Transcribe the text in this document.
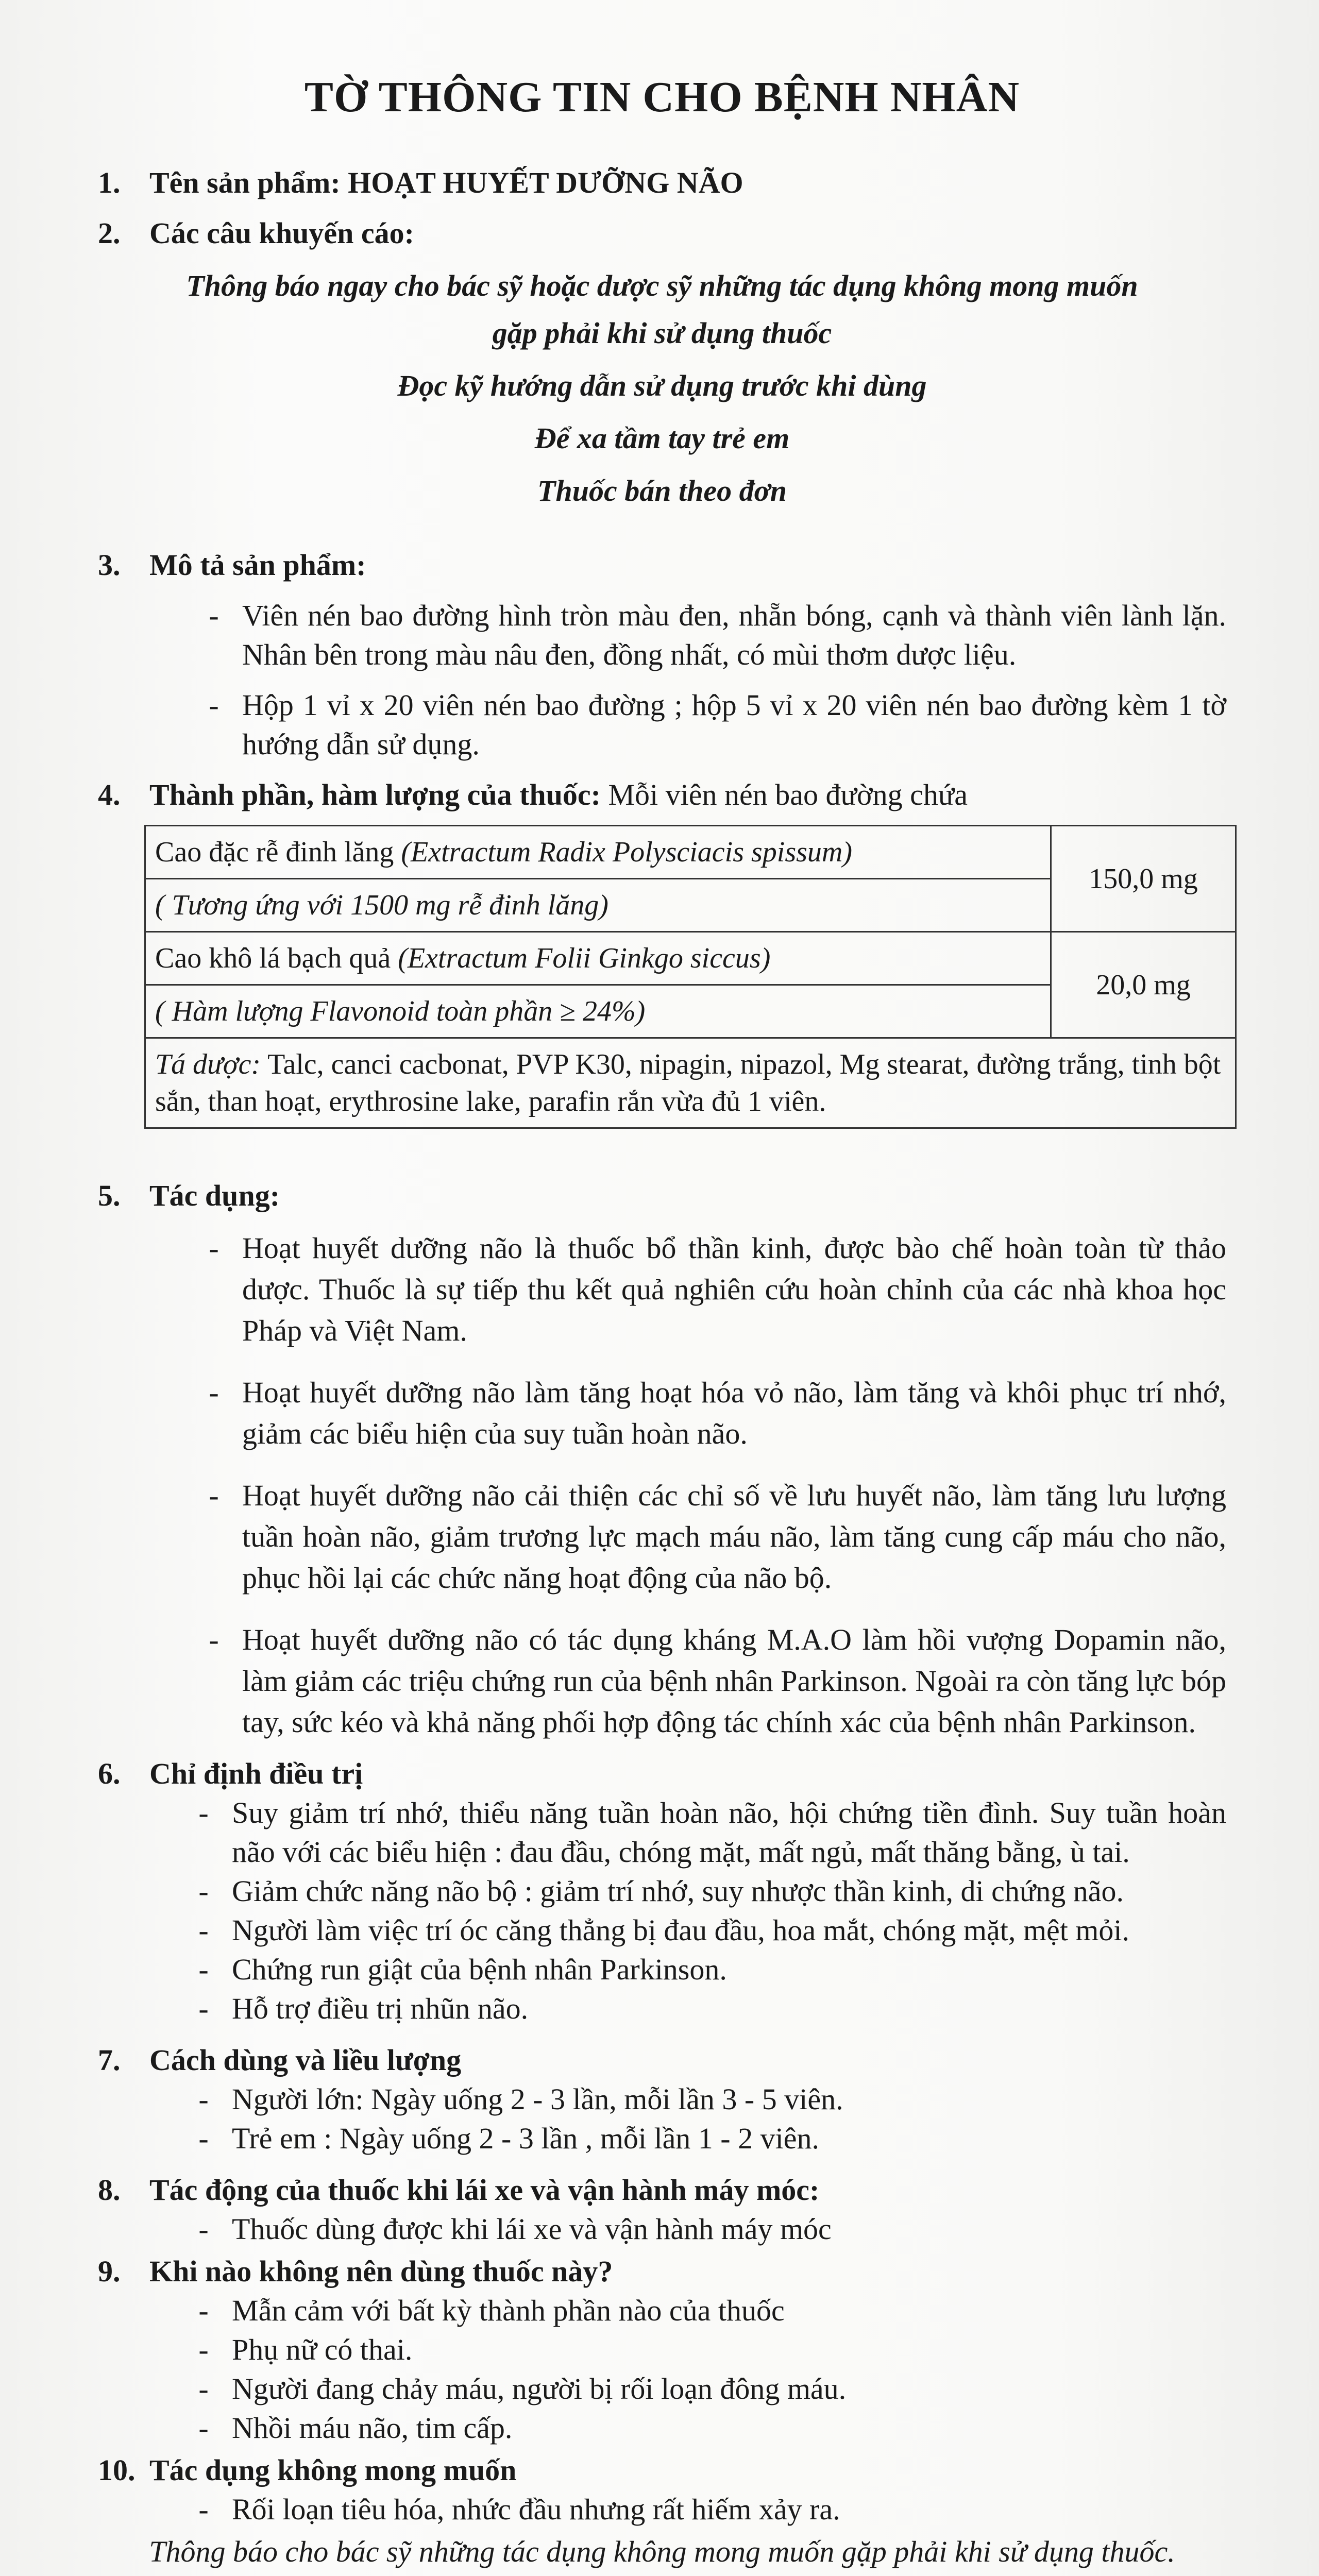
TỜ THÔNG TIN CHO BỆNH NHÂN
1. Tên sản phẩm: HOẠT HUYẾT DƯỠNG NÃO
2. Các câu khuyến cáo:
Thông báo ngay cho bác sỹ hoặc dược sỹ những tác dụng không mong muốn
gặp phải khi sử dụng thuốc
Đọc kỹ hướng dẫn sử dụng trước khi dùng
Để xa tầm tay trẻ em
Thuốc bán theo đơn
3. Mô tả sản phẩm:
- Viên nén bao đường hình tròn màu đen, nhẵn bóng, cạnh và thành viên lành lặn. Nhân bên trong màu nâu đen, đồng nhất, có mùi thơm dược liệu.
- Hộp 1 vỉ x 20 viên nén bao đường ; hộp 5 vỉ x 20 viên nén bao đường kèm 1 tờ hướng dẫn sử dụng.
4. Thành phần, hàm lượng của thuốc: Mỗi viên nén bao đường chứa
Cao đặc rễ đinh lăng (Extractum Radix Polysciacis spissum)	150,0 mg
( Tương ứng với 1500 mg rễ đinh lăng)	
Cao khô lá bạch quả (Extractum Folii Ginkgo siccus)	20,0 mg
( Hàm lượng Flavonoid toàn phần ≥ 24%)	
Tá dược: Talc, canci cacbonat, PVP K30, nipagin, nipazol, Mg stearat, đường trắng, tinh bột sắn, than hoạt, erythrosine lake, parafin rắn vừa đủ 1 viên.	
5. Tác dụng:
- Hoạt huyết dưỡng não là thuốc bổ thần kinh, được bào chế hoàn toàn từ thảo dược. Thuốc là sự tiếp thu kết quả nghiên cứu hoàn chỉnh của các nhà khoa học Pháp và Việt Nam.
- Hoạt huyết dưỡng não làm tăng hoạt hóa vỏ não, làm tăng và khôi phục trí nhớ, giảm các biểu hiện của suy tuần hoàn não.
- Hoạt huyết dưỡng não cải thiện các chỉ số về lưu huyết não, làm tăng lưu lượng tuần hoàn não, giảm trương lực mạch máu não, làm tăng cung cấp máu cho não, phục hồi lại các chức năng hoạt động của não bộ.
- Hoạt huyết dưỡng não có tác dụng kháng M.A.O làm hồi vượng Dopamin não, làm giảm các triệu chứng run của bệnh nhân Parkinson. Ngoài ra còn tăng lực bóp tay, sức kéo và khả năng phối hợp động tác chính xác của bệnh nhân Parkinson.
6. Chỉ định điều trị
- Suy giảm trí nhớ, thiểu năng tuần hoàn não, hội chứng tiền đình. Suy tuần hoàn não với các biểu hiện : đau đầu, chóng mặt, mất ngủ, mất thăng bằng, ù tai.
- Giảm chức năng não bộ : giảm trí nhớ, suy nhược thần kinh, di chứng não.
- Người làm việc trí óc căng thẳng bị đau đầu, hoa mắt, chóng mặt, mệt mỏi.
- Chứng run giật của bệnh nhân Parkinson.
- Hỗ trợ điều trị nhũn não.
7. Cách dùng và liều lượng
- Người lớn: Ngày uống 2 - 3 lần, mỗi lần 3 - 5 viên.
- Trẻ em : Ngày uống 2 - 3 lần , mỗi lần 1 - 2 viên.
8. Tác động của thuốc khi lái xe và vận hành máy móc:
- Thuốc dùng được khi lái xe và vận hành máy móc
9. Khi nào không nên dùng thuốc này?
- Mẫn cảm với bất kỳ thành phần nào của thuốc
- Phụ nữ có thai.
- Người đang chảy máu, người bị rối loạn đông máu.
- Nhồi máu não, tim cấp.
10. Tác dụng không mong muốn
- Rối loạn tiêu hóa, nhức đầu nhưng rất hiếm xảy ra.
Thông báo cho bác sỹ những tác dụng không mong muốn gặp phải khi sử dụng thuốc.
